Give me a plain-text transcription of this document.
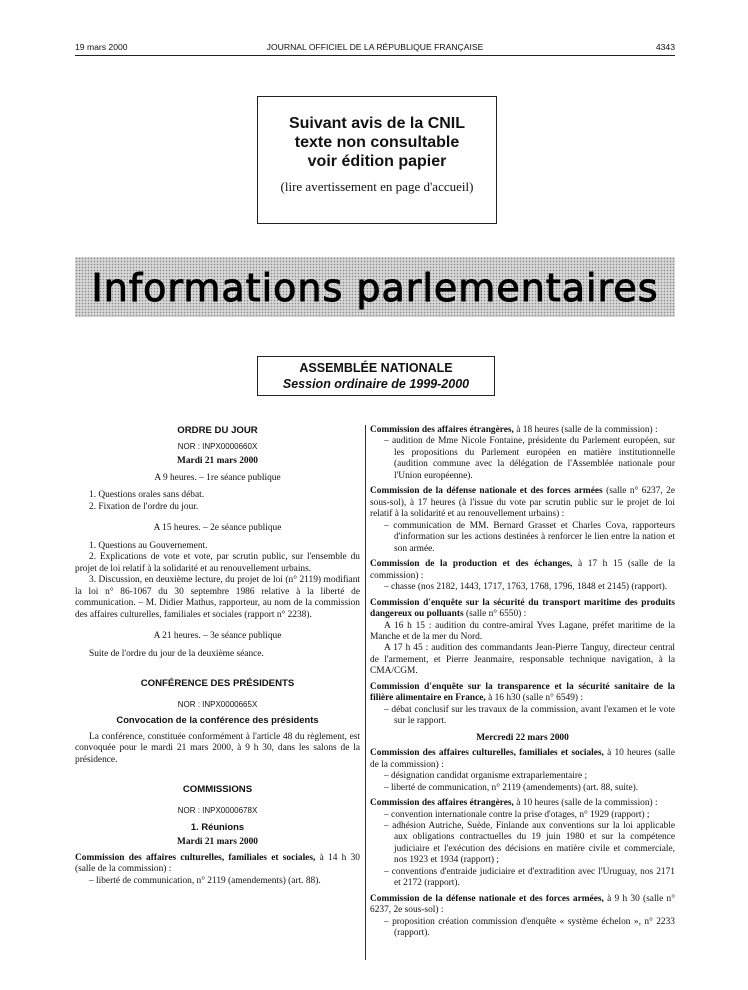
19 mars 2000	JOURNAL OFFICIEL DE LA RÉPUBLIQUE FRANÇAISE	4343
Suivant avis de la CNIL
texte non consultable
voir édition papier
(lire avertissement en page d'accueil)
Informations parlementaires
ASSEMBLÉE NATIONALE
Session ordinaire de 1999-2000
ORDRE DU JOUR
NOR : INPX0000660X
Mardi 21 mars 2000
A 9 heures. – 1re séance publique
1. Questions orales sans débat.
2. Fixation de l'ordre du jour.
A 15 heures. – 2e séance publique
1. Questions au Gouvernement.
2. Explications de vote et vote, par scrutin public, sur l'ensemble du projet de loi relatif à la solidarité et au renouvellement urbains.
3. Discussion, en deuxième lecture, du projet de loi (n° 2119) modifiant la loi n° 86-1067 du 30 septembre 1986 relative à la liberté de communication. – M. Didier Mathus, rapporteur, au nom de la commission des affaires culturelles, familiales et sociales (rapport n° 2238).
A 21 heures. – 3e séance publique
Suite de l'ordre du jour de la deuxième séance.
CONFÉRENCE DES PRÉSIDENTS
NOR : INPX0000665X
Convocation de la conférence des présidents
La conférence, constituée conformément à l'article 48 du règlement, est convoquée pour le mardi 21 mars 2000, à 9 h 30, dans les salons de la présidence.
COMMISSIONS
NOR : INPX0000678X
1. Réunions
Mardi 21 mars 2000
Commission des affaires culturelles, familiales et sociales, à 14 h 30 (salle de la commission) :
– liberté de communication, n° 2119 (amendements) (art. 88).
Commission des affaires étrangères, à 18 heures (salle de la commission) :
– audition de Mme Nicole Fontaine, présidente du Parlement européen, sur les propositions du Parlement européen en matière institutionnelle (audition commune avec la délégation de l'Assemblée nationale pour l'Union européenne).
Commission de la défense nationale et des forces armées (salle n° 6237, 2e sous-sol), à 17 heures (à l'issue du vote par scrutin public sur le projet de loi relatif à la solidarité et au renouvellement urbains) :
– communication de MM. Bernard Grasset et Charles Cova, rapporteurs d'information sur les actions destinées à renforcer le lien entre la nation et son armée.
Commission de la production et des échanges, à 17 h 15 (salle de la commission) :
– chasse (nos 2182, 1443, 1717, 1763, 1768, 1796, 1848 et 2145) (rapport).
Commission d'enquête sur la sécurité du transport maritime des produits dangereux ou polluants (salle n° 6550) :
A 16 h 15 : audition du contre-amiral Yves Lagane, préfet maritime de la Manche et de la mer du Nord.
A 17 h 45 : audition des commandants Jean-Pierre Tanguy, directeur central de l'armement, et Pierre Jeanmaire, responsable technique navigation, à la CMA/CGM.
Commission d'enquête sur la transparence et la sécurité sanitaire de la filière alimentaire en France, à 16 h30 (salle n° 6549) :
– débat conclusif sur les travaux de la commission, avant l'examen et le vote sur le rapport.
Mercredi 22 mars 2000
Commission des affaires culturelles, familiales et sociales, à 10 heures (salle de la commission) :
– désignation candidat organisme extraparlementaire ;
– liberté de communication, n° 2119 (amendements) (art. 88, suite).
Commission des affaires étrangères, à 10 heures (salle de la commission) :
– convention internationale contre la prise d'otages, n° 1929 (rapport) ;
– adhésion Autriche, Suède, Finlande aux conventions sur la loi applicable aux obligations contractuelles du 19 juin 1980 et sur la compétence judiciaire et l'exécution des décisions en matière civile et commerciale, nos 1923 et 1934 (rapport) ;
– conventions d'entraide judiciaire et d'extradition avec l'Uruguay, nos 2171 et 2172 (rapport).
Commission de la défense nationale et des forces armées, à 9 h 30 (salle n° 6237, 2e sous-sol) :
– proposition création commission d'enquête « système échelon », n° 2233 (rapport).
